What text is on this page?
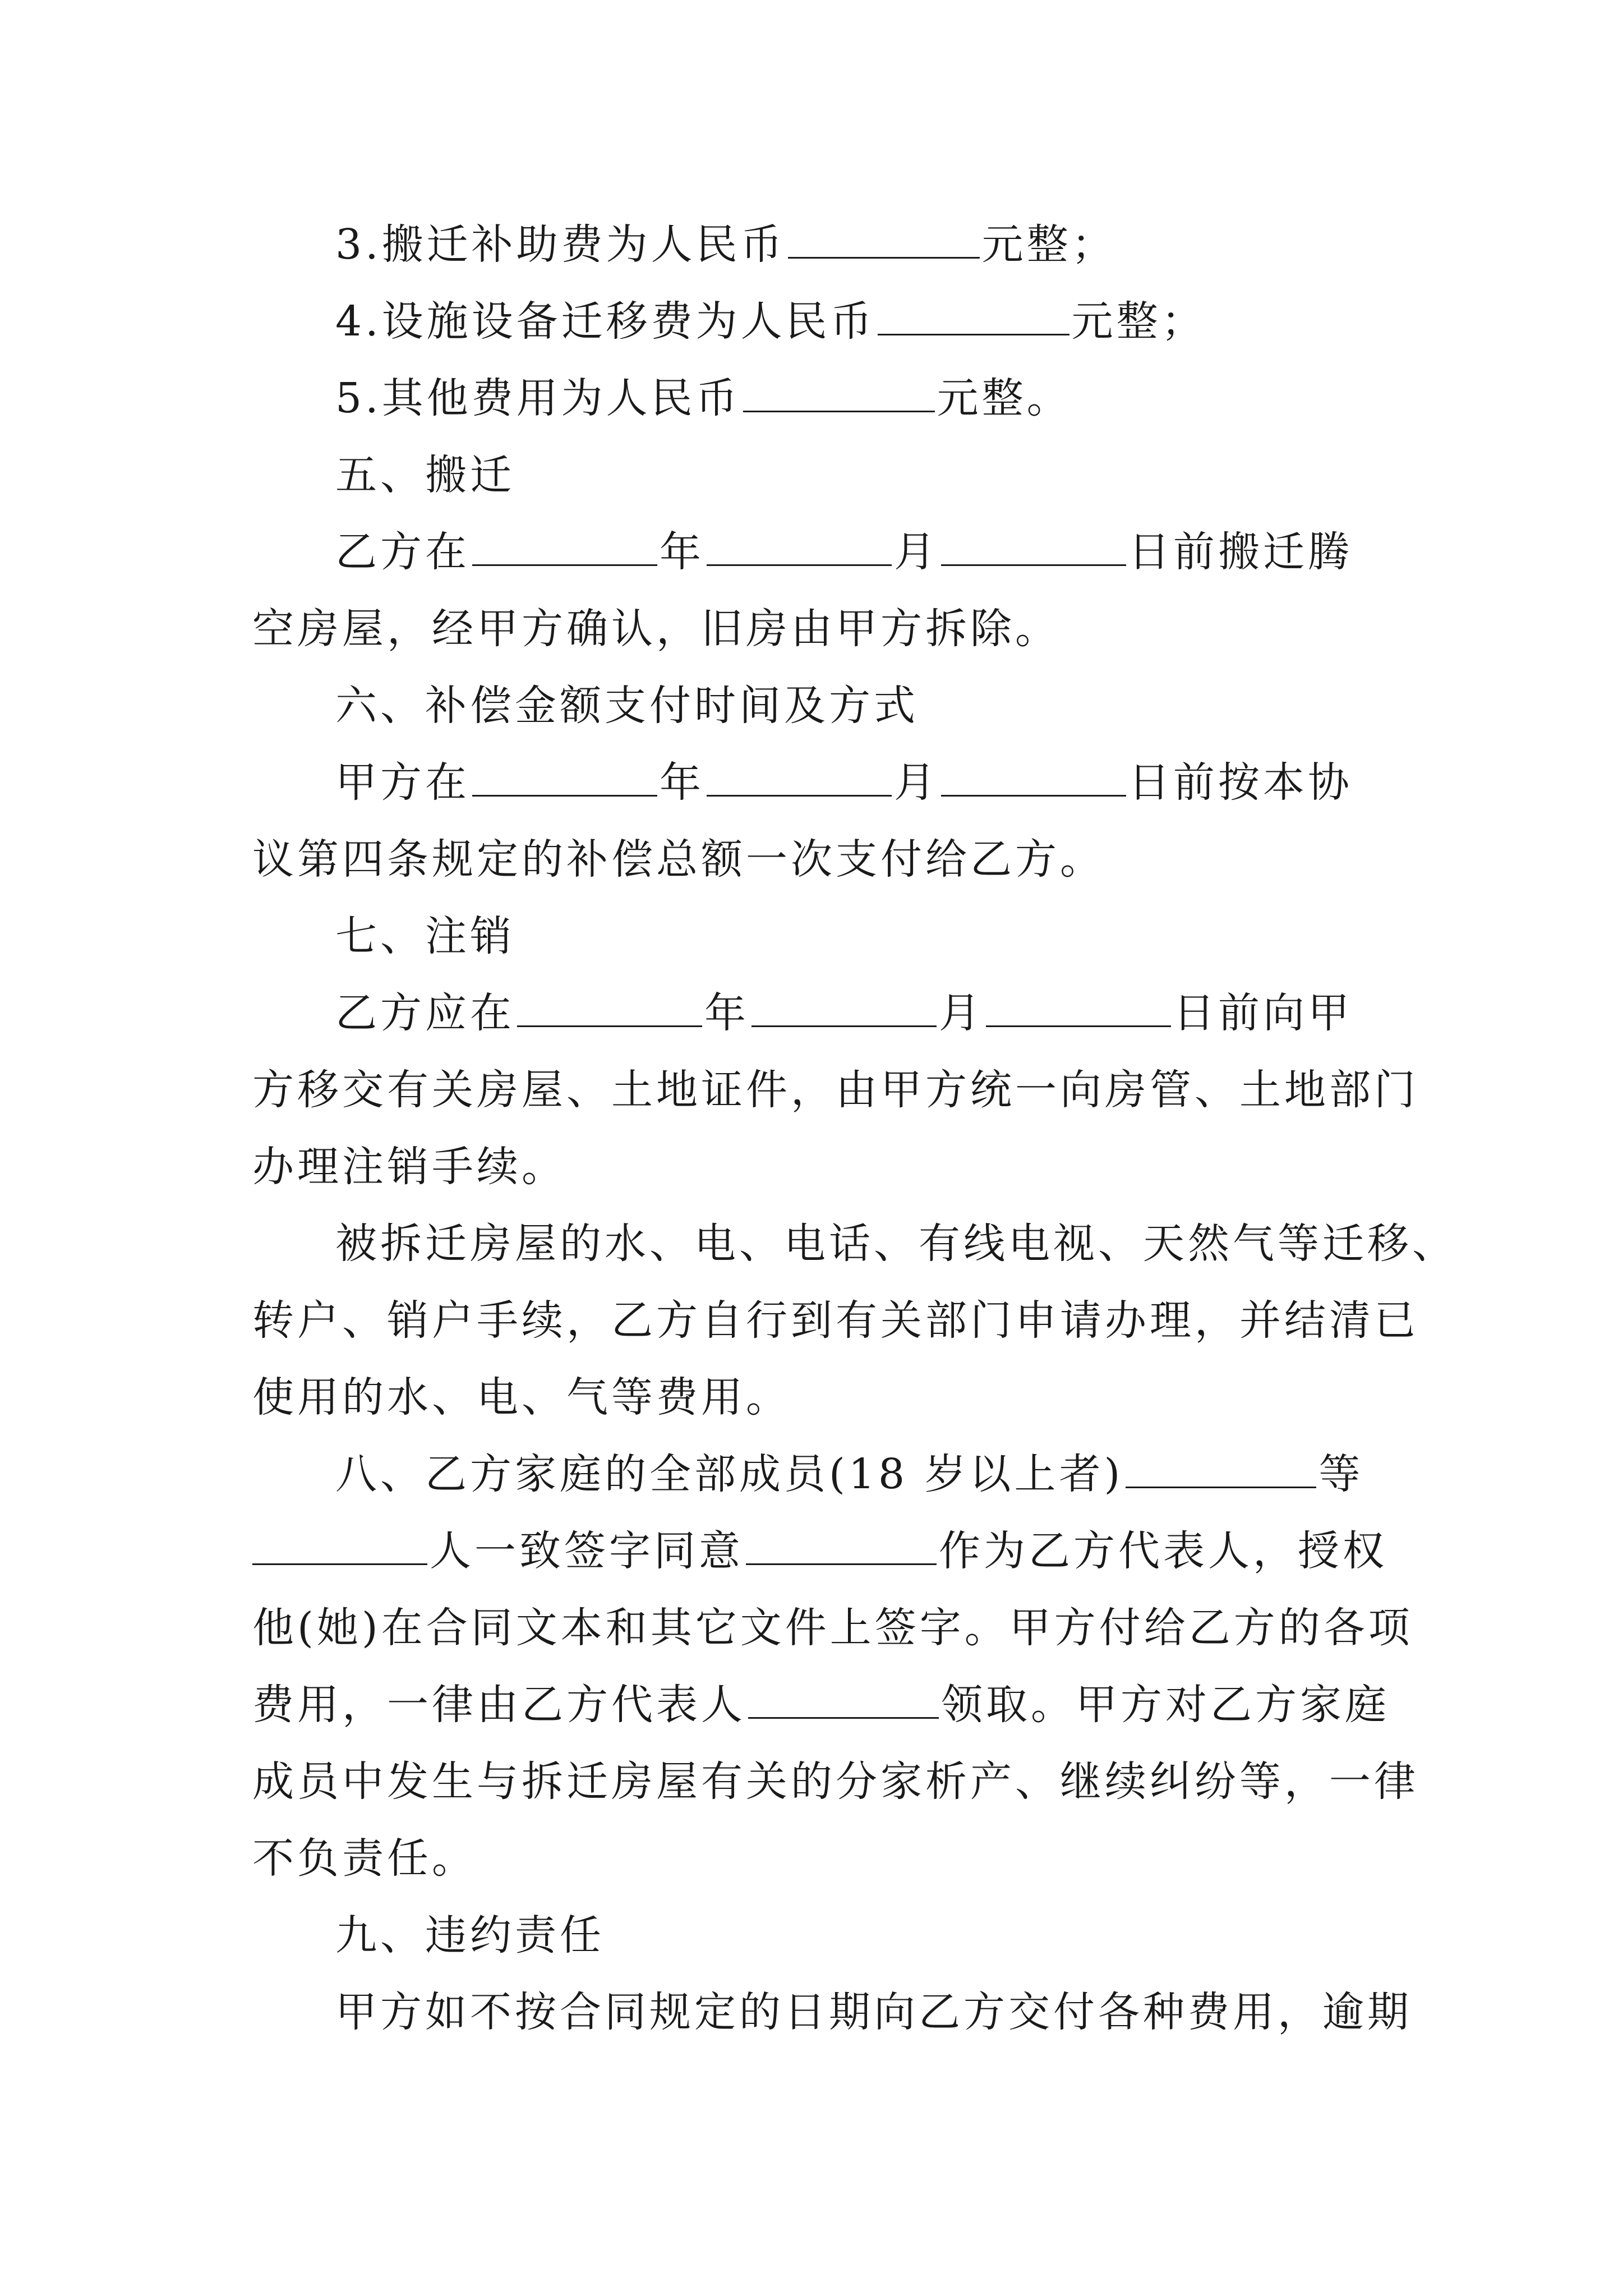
3.搬迁补助费为人民币	元整；
4.设施设备迁移费为人民币	元整；
5.其他费用为人民币	元整。
五、搬迁
乙方在	年	月	日前搬迁腾
空房屋，经甲方确认，旧房由甲方拆除。
六、补偿金额支付时间及方式
甲方在	年	月	日前按本协
议第四条规定的补偿总额一次支付给乙方。
七、注销
乙方应在	年	月	日前向甲
方移交有关房屋、土地证件，由甲方统一向房管、土地部门
办理注销手续。
被拆迁房屋的水、电、电话、有线电视、天然气等迁移、
转户、销户手续，乙方自行到有关部门申请办理，并结清已
使用的水、电、气等费用。
八、乙方家庭的全部成员(18 岁以上者)	等
人一致签字同意	作为乙方代表人，授权
他(她)在合同文本和其它文件上签字。甲方付给乙方的各项
费用，一律由乙方代表人	领取。甲方对乙方家庭
成员中发生与拆迁房屋有关的分家析产、继续纠纷等，一律
不负责任。
九、违约责任
甲方如不按合同规定的日期向乙方交付各种费用，逾期
